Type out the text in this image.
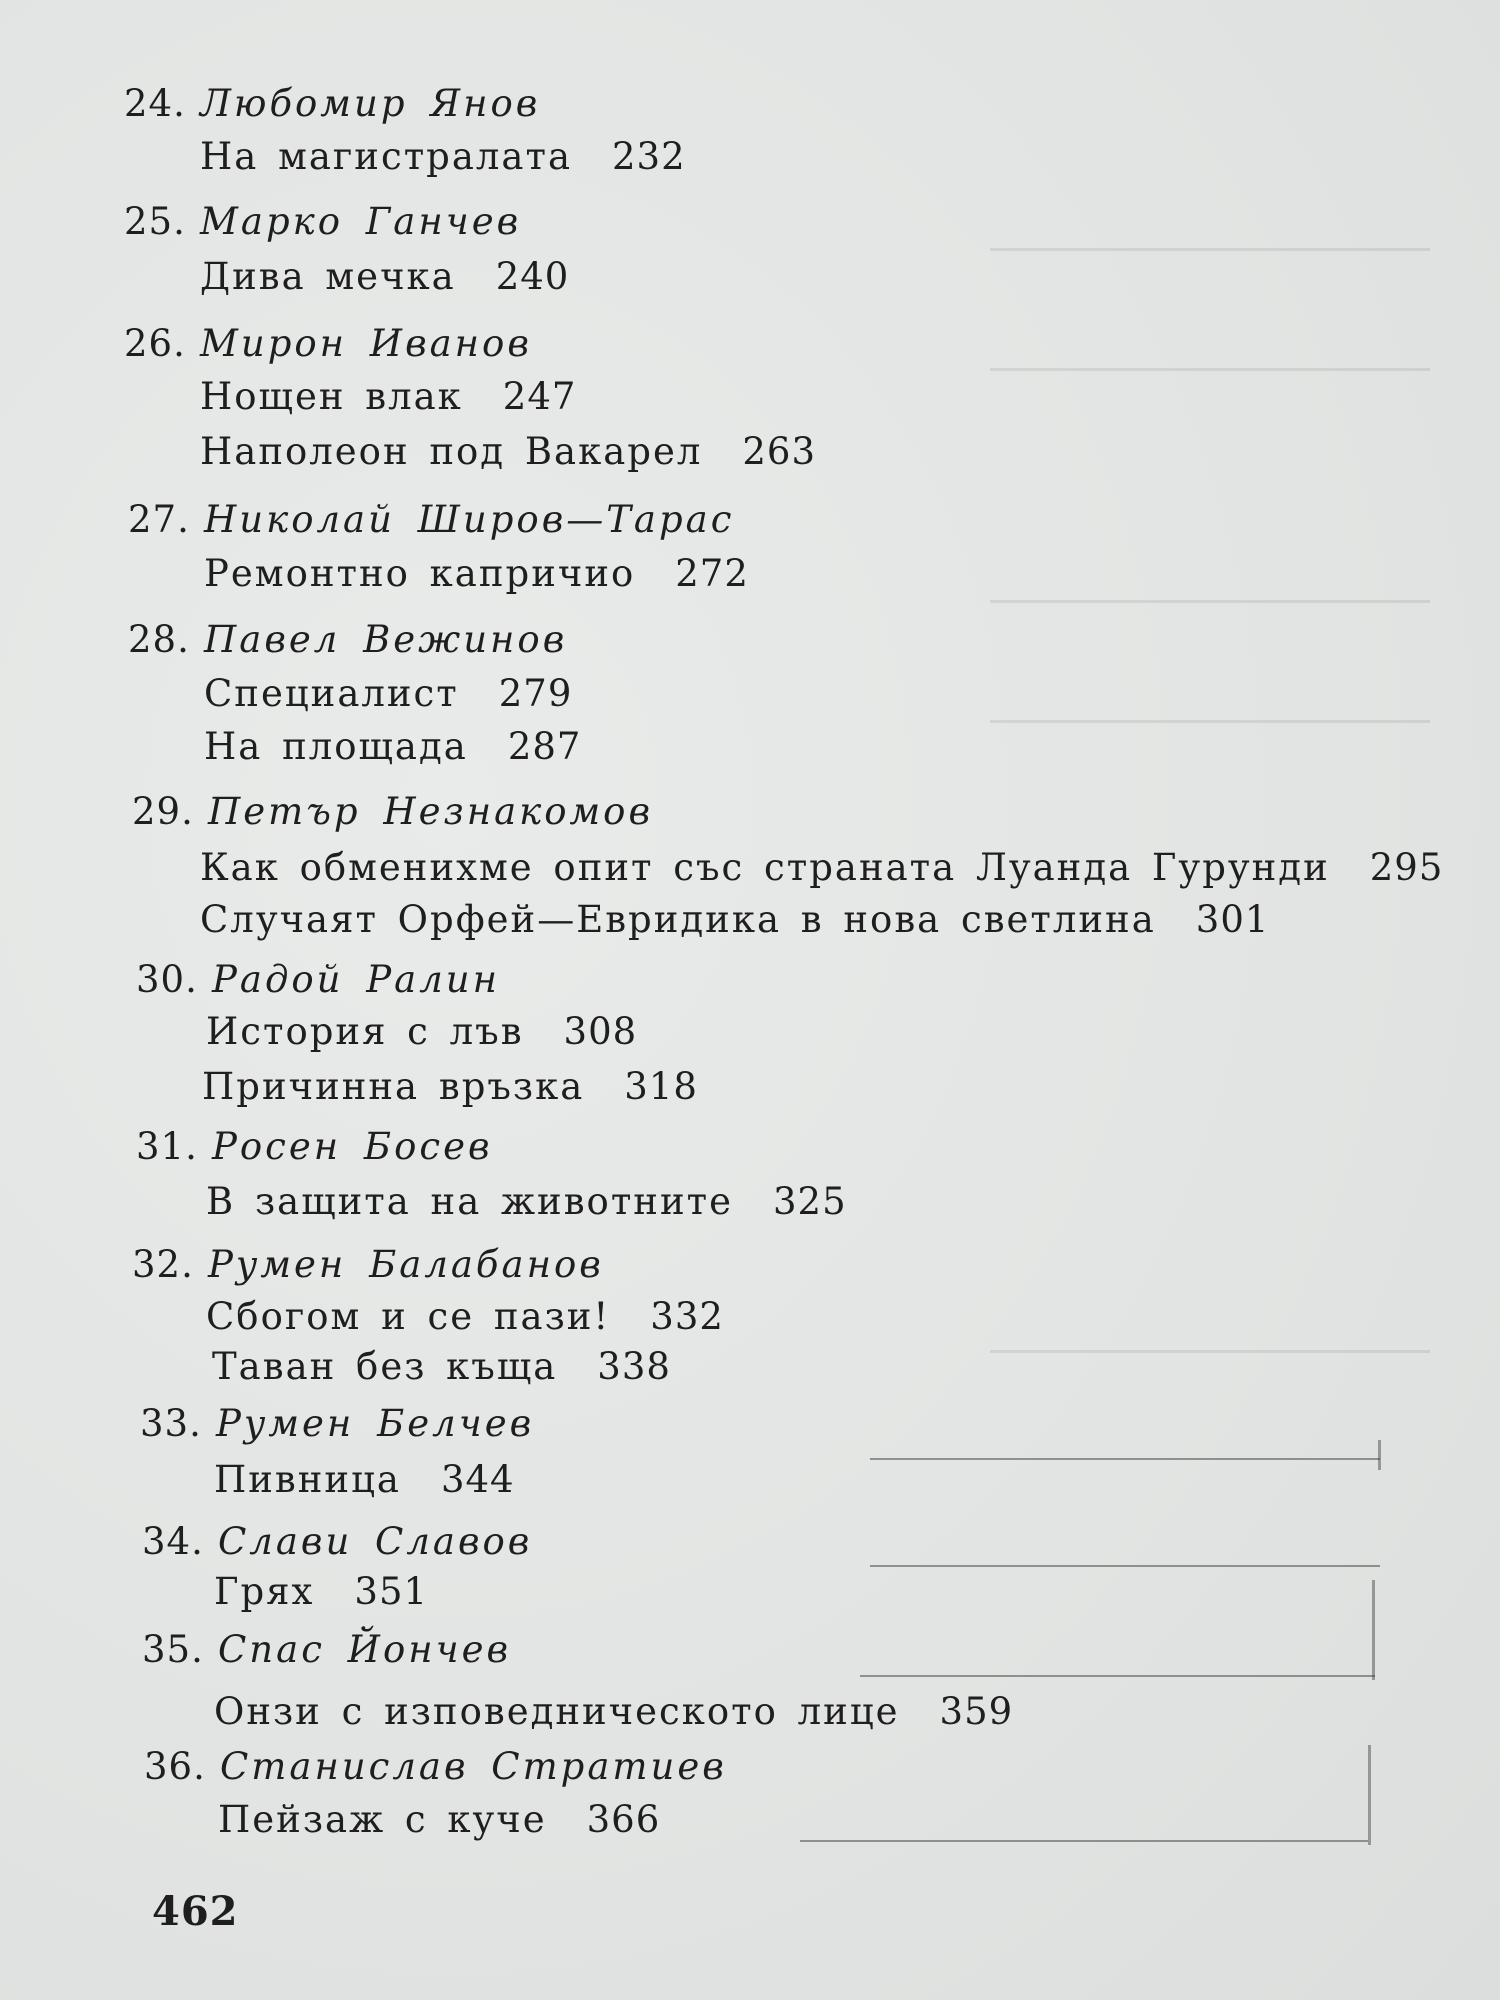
24. Любомир Янов
На магистралата 232
25. Марко Ганчев
Дива мечка 240
26. Мирон Иванов
Нощен влак 247
Наполеон под Вакарел 263
27. Николай Широв—Тарас
Ремонтно капричио 272
28. Павел Вежинов
Специалист 279
На площада 287
29. Петър Незнакомов
Как обменихме опит със страната Луанда Гурунди 295
Случаят Орфей—Евридика в нова светлина 301
30. Радой Ралин
История с лъв 308
Причинна връзка 318
31. Росен Босев
В защита на животните 325
32. Румен Балабанов
Сбогом и се пази! 332
Таван без къща 338
33. Румен Белчев
Пивница 344
34. Слави Славов
Грях 351
35. Спас Йончев
Онзи с изповедническото лице 359
36. Станислав Стратиев
Пейзаж с куче 366
462
